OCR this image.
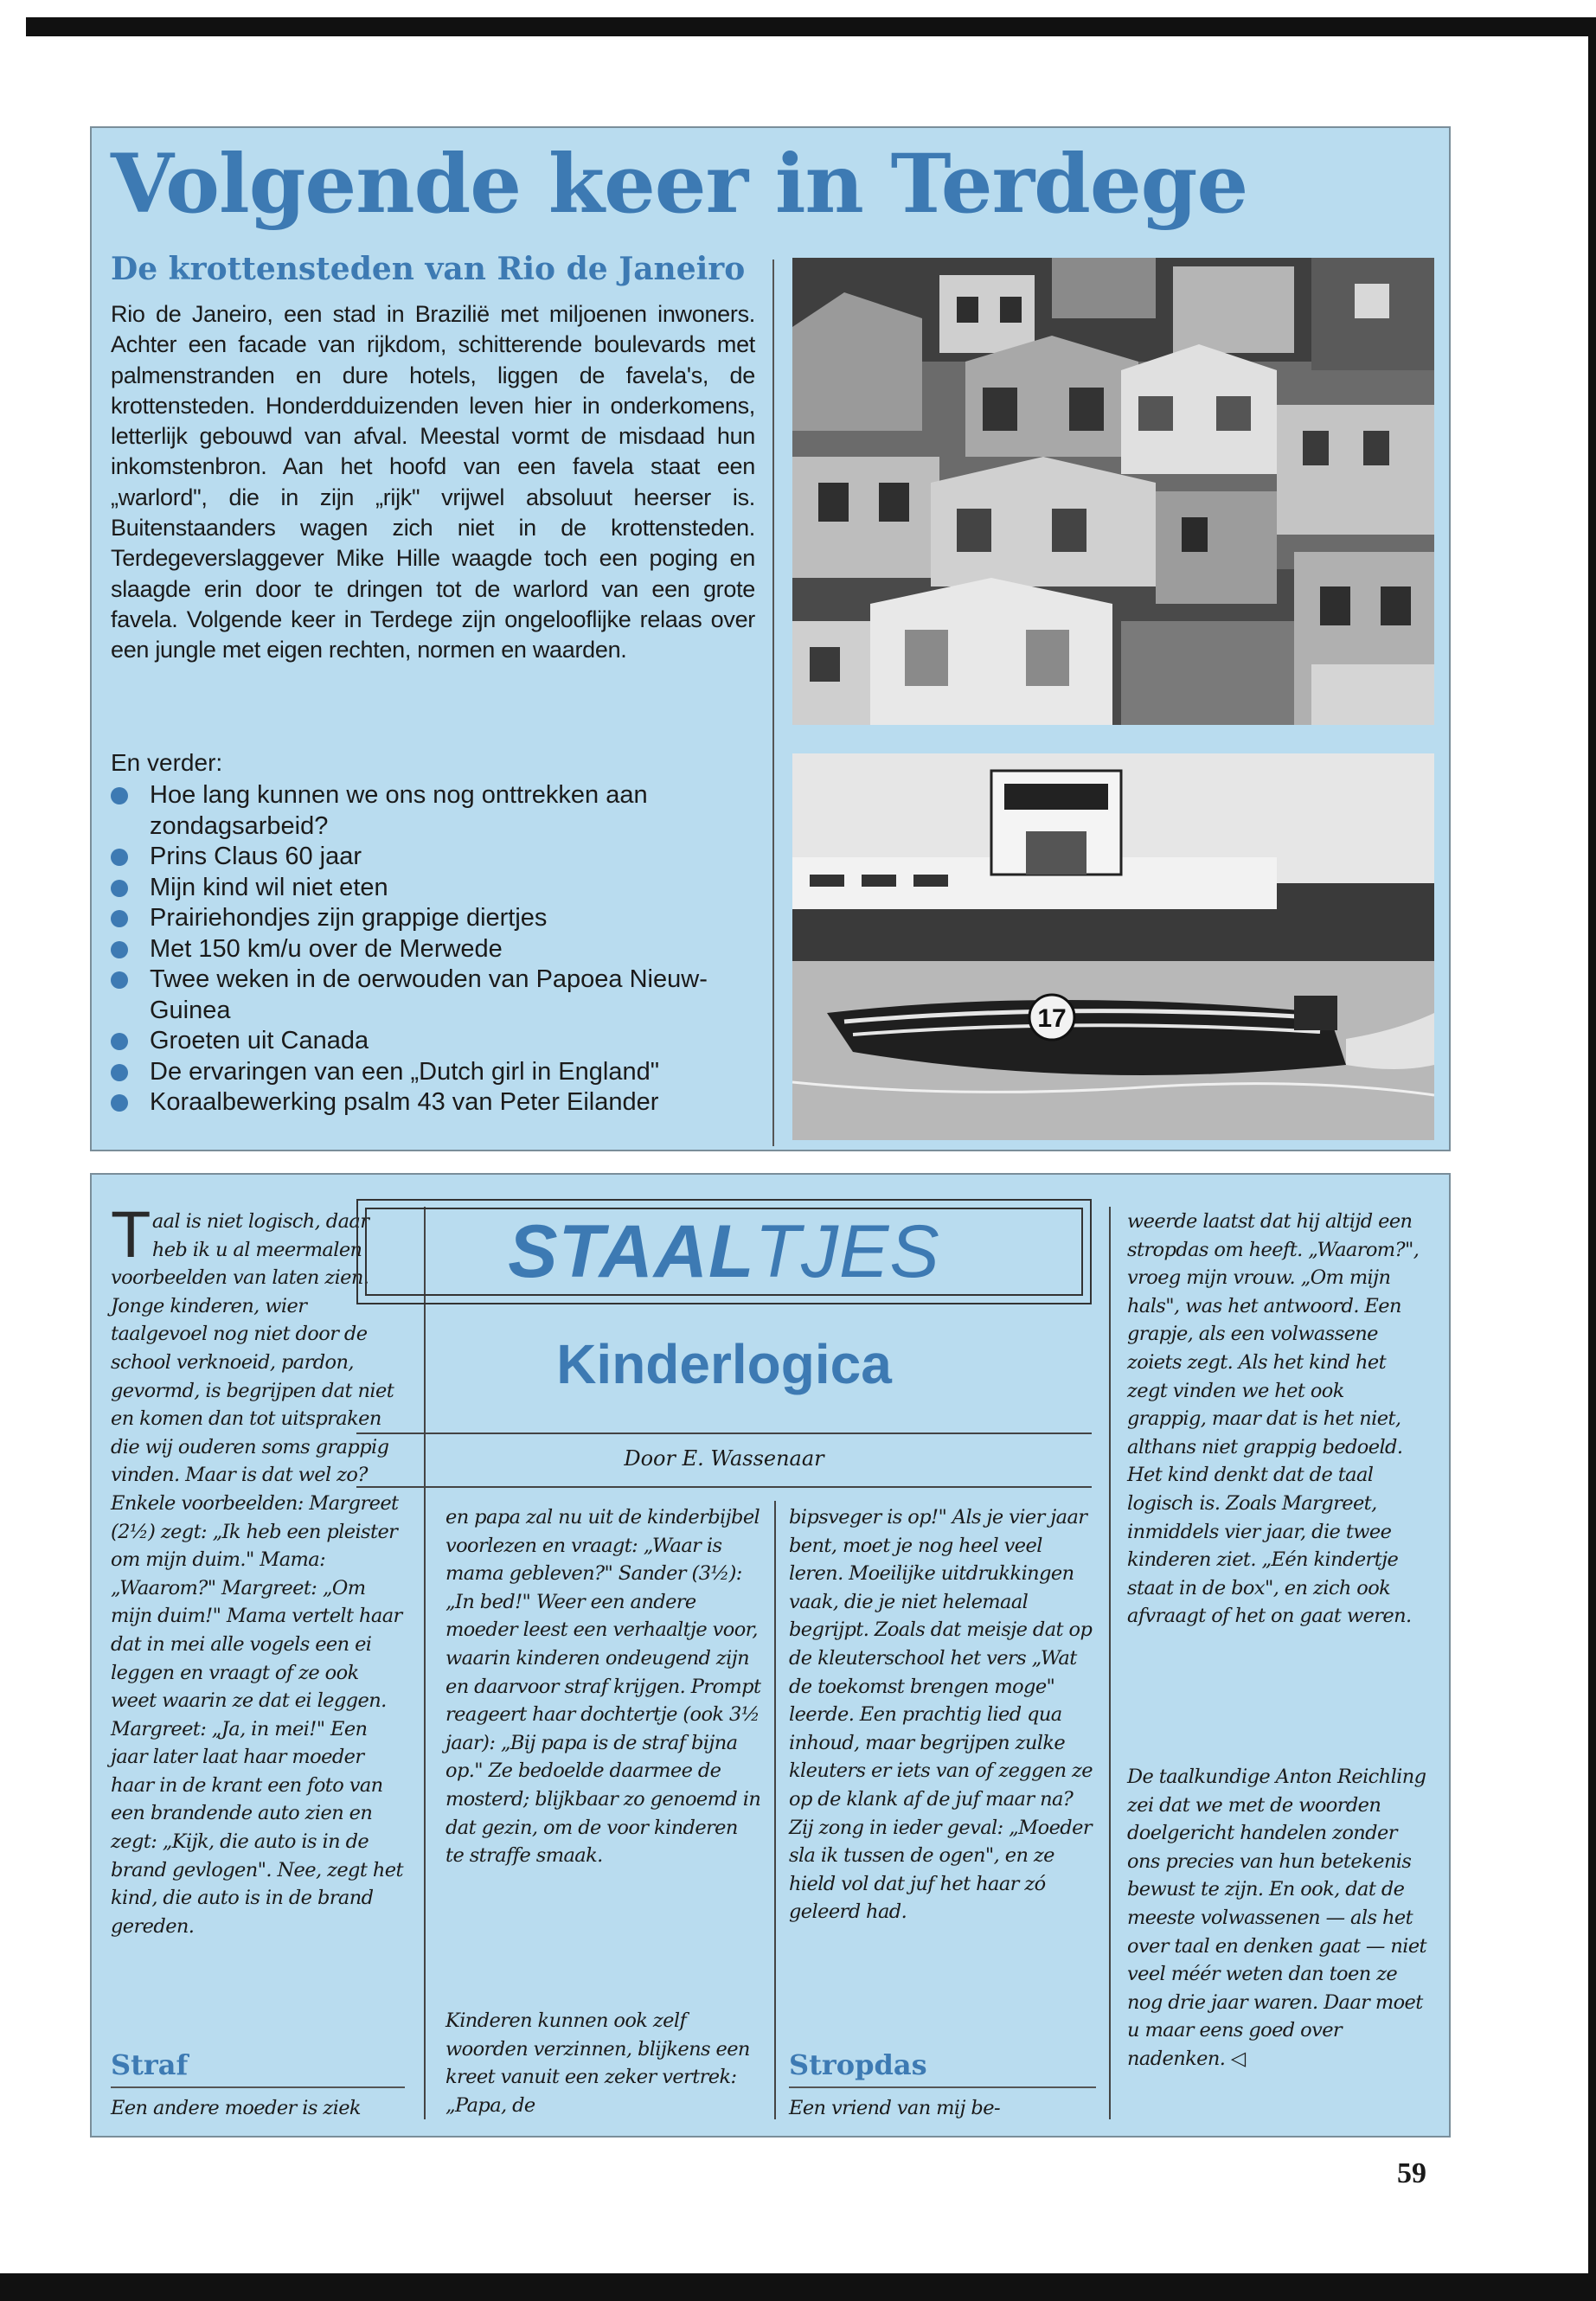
Volgende keer in Terdege
De krottensteden van Rio de Janeiro

Rio de Janeiro, een stad in Brazilië met miljoenen inwoners. Achter een facade van rijkdom, schitterende boulevards met palmenstranden en dure hotels, liggen de favela's, de krottensteden. Honderdduizenden leven hier in onderkomens, letterlijk gebouwd van afval. Meestal vormt de misdaad hun inkomstenbron. Aan het hoofd van een favela staat een „warlord", die in zijn „rijk" vrijwel absoluut heerser is. Buitenstaanders wagen zich niet in de krottensteden. Terdegeverslaggever Mike Hille waagde toch een poging en slaagde erin door te dringen tot de warlord van een grote favela. Volgende keer in Terdege zijn ongelooflijke relaas over een jungle met eigen rechten, normen en waarden.

En verder:

Hoe lang kunnen we ons nog onttrekken aan zondagsarbeid?
Prins Claus 60 jaar
Mijn kind wil niet eten
Prairiehondjes zijn grappige diertjes
Met 150 km/u over de Merwede
Twee weken in de oerwouden van Papoea Nieuw-Guinea
Groeten uit Canada
De ervaringen van een „Dutch girl in England"
Koraalbewerking psalm 43 van Peter Eilander
17

Taal is niet logisch, daar heb ik u al meermalen voorbeelden van laten zien. Jonge kinderen, wier taalgevoel nog niet door de school verknoeid, pardon, gevormd, is begrijpen dat niet en komen dan tot uitspraken die wij ouderen soms grappig vinden. Maar is dat wel zo? Enkele voorbeelden: Margreet (2½) zegt: „Ik heb een pleister om mijn duim." Mama: „Waarom?" Margreet: „Om mijn duim!" Mama vertelt haar dat in mei alle vogels een ei leggen en vraagt of ze ook weet waarin ze dat ei leggen. Margreet: „Ja, in mei!" Een jaar later laat haar moeder haar in de krant een foto van een brandende auto zien en zegt: „Kijk, die auto is in de brand gevlogen". Nee, zegt het kind, die auto is in de brand gereden.

Straf

Een andere moeder is ziek

STAALTJES
Kinderlogica

Door E. Wassenaar

en papa zal nu uit de kinderbijbel voorlezen en vraagt: „Waar is mama gebleven?" Sander (3½): „In bed!" Weer een andere moeder leest een verhaaltje voor, waarin kinderen ondeugend zijn en daarvoor straf krijgen. Prompt reageert haar dochtertje (ook 3½ jaar): „Bij papa is de straf bijna op." Ze bedoelde daarmee de mosterd; blijkbaar zo genoemd in dat gezin, om de voor kinderen te straffe smaak.

Kinderen kunnen ook zelf woorden verzinnen, blijkens een kreet vanuit een zeker vertrek: „Papa, de

bipsveger is op!" Als je vier jaar bent, moet je nog heel veel leren. Moeilijke uitdrukkingen vaak, die je niet helemaal begrijpt. Zoals dat meisje dat op de kleuterschool het vers „Wat de toekomst brengen moge" leerde. Een prachtig lied qua inhoud, maar begrijpen zulke kleuters er iets van of zeggen ze op de klank af de juf maar na? Zij zong in ieder geval: „Moeder sla ik tussen de ogen", en ze hield vol dat juf het haar zó geleerd had.

Stropdas

Een vriend van mij be-

weerde laatst dat hij altijd een stropdas om heeft. „Waarom?", vroeg mijn vrouw. „Om mijn hals", was het antwoord. Een grapje, als een volwassene zoiets zegt. Als het kind het zegt vinden we het ook grappig, maar dat is het niet, althans niet grappig bedoeld. Het kind denkt dat de taal logisch is. Zoals Margreet, inmiddels vier jaar, die twee kinderen ziet. „Eén kindertje staat in de box", en zich ook afvraagt of het on gaat weren.

De taalkundige Anton Reichling zei dat we met de woorden doelgericht handelen zonder ons precies van hun betekenis bewust te zijn. En ook, dat de meeste volwassenen — als het over taal en denken gaat — niet veel méér weten dan toen ze nog drie jaar waren. Daar moet u maar eens goed over nadenken. ◁

59
